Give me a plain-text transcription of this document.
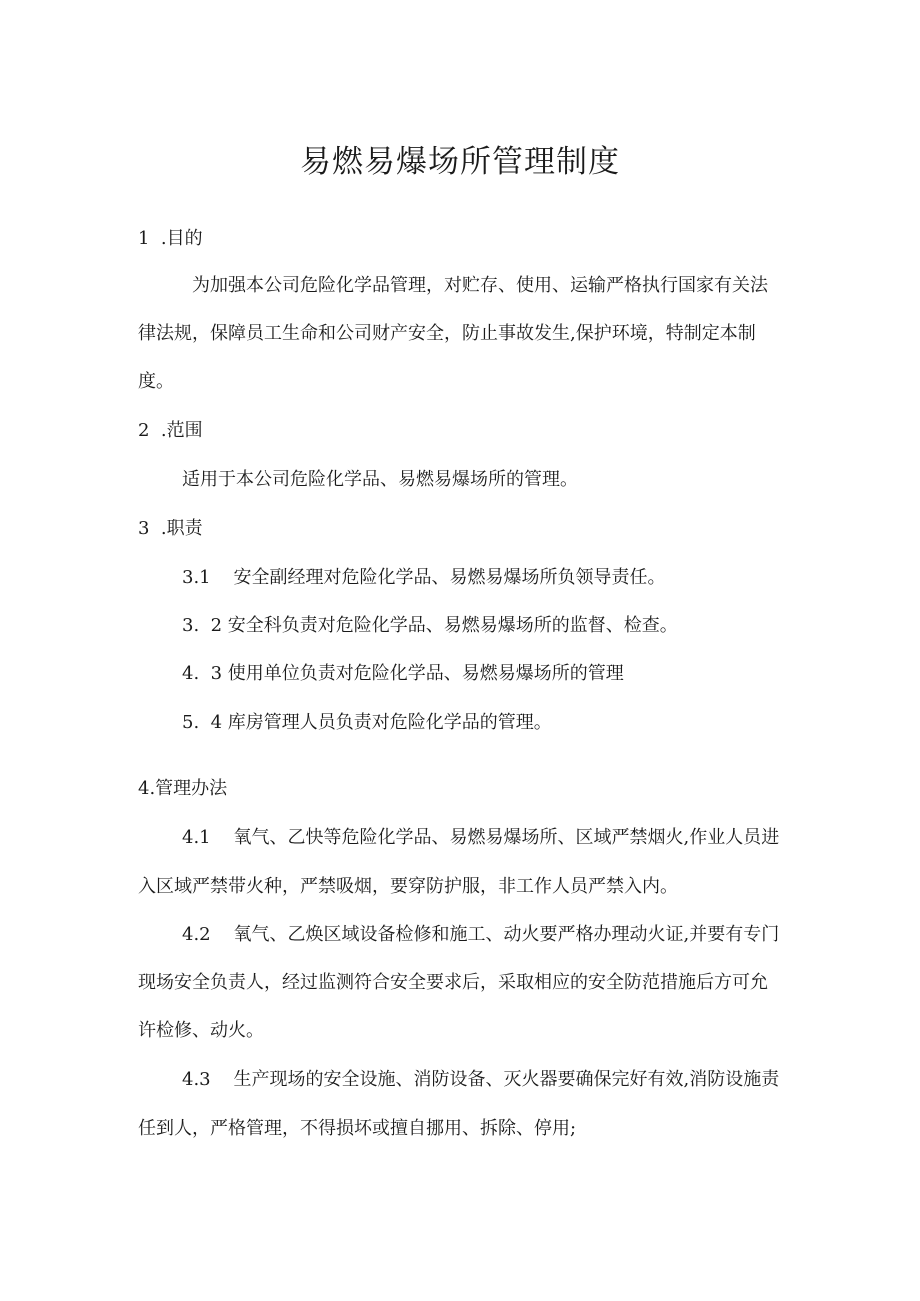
易燃易爆场所管理制度
1  .目的
为加强本公司危险化学品管理，对贮存、使用、运输严格执行国家有关法
律法规，保障员工生命和公司财产安全，防止事故发生,保护环境，特制定本制
度。
2  .范围
适用于本公司危险化学品、易燃易爆场所的管理。
3  .职责
3.1    安全副经理对危险化学品、易燃易爆场所负领导责任。
3.  2 安全科负责对危险化学品、易燃易爆场所的监督、检查。
4.  3 使用单位负责对危险化学品、易燃易爆场所的管理
5.  4 库房管理人员负责对危险化学品的管理。
4.管理办法
4.1    氧气、乙快等危险化学品、易燃易爆场所、区域严禁烟火,作业人员进
入区域严禁带火种，严禁吸烟，要穿防护服，非工作人员严禁入内。
4.2    氧气、乙焕区域设备检修和施工、动火要严格办理动火证,并要有专门
现场安全负责人，经过监测符合安全要求后，采取相应的安全防范措施后方可允
许检修、动火。
4.3    生产现场的安全设施、消防设备、灭火器要确保完好有效,消防设施责
任到人，严格管理，不得损坏或擅自挪用、拆除、停用;
